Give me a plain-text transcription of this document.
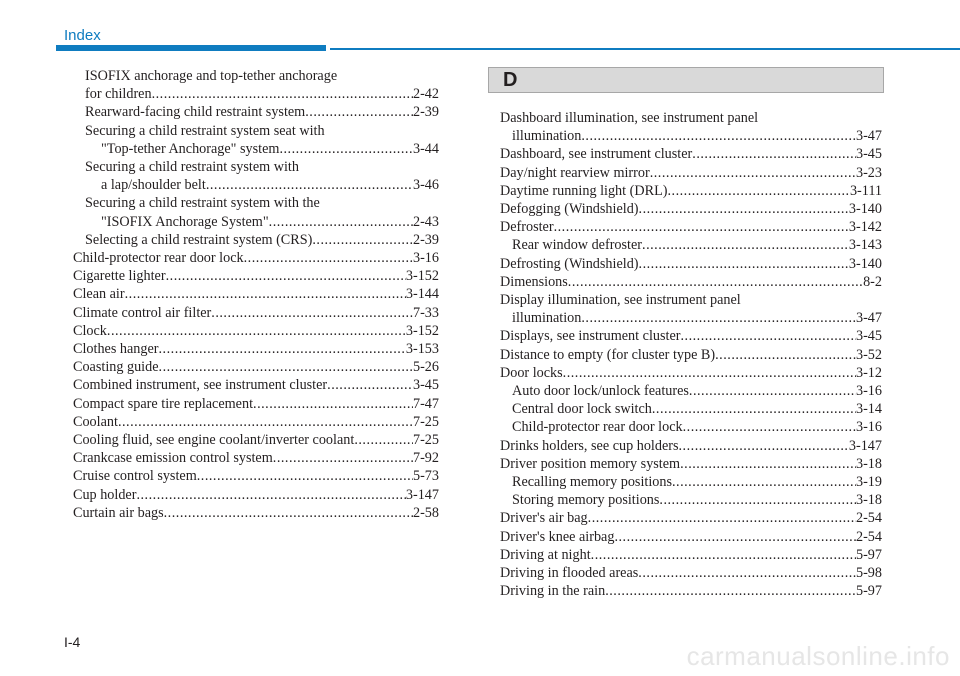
Index
ISOFIX anchorage and top-tether anchorage
for children .....	2-42
Rearward-facing child restraint system .....	2-39
Securing a child restraint system seat with
"Top-tether Anchorage" system .....	3-44
Securing a child restraint system with
a lap/shoulder belt .....	3-46
Securing a child restraint system with the
"ISOFIX Anchorage System" .....	2-43
Selecting a child restraint system (CRS) .....	2-39
Child-protector rear door lock .....	3-16
Cigarette lighter .....	3-152
Clean air .....	3-144
Climate control air filter .....	7-33
Clock .....	3-152
Clothes hanger .....	3-153
Coasting guide .....	5-26
Combined instrument, see instrument cluster .....	3-45
Compact spare tire replacement .....	7-47
Coolant .....	7-25
Cooling fluid, see engine coolant/inverter coolant .....	7-25
Crankcase emission control system .....	7-92
Cruise control system .....	5-73
Cup holder .....	3-147
Curtain air bags .....	2-58
D
Dashboard illumination, see instrument panel
illumination .....	3-47
Dashboard, see instrument cluster .....	3-45
Day/night rearview mirror .....	3-23
Daytime running light (DRL) .....	3-111
Defogging (Windshield) .....	3-140
Defroster .....	3-142
Rear window defroster .....	3-143
Defrosting (Windshield) .....	3-140
Dimensions .....	8-2
Display illumination, see instrument panel
illumination .....	3-47
Displays, see instrument cluster .....	3-45
Distance to empty (for cluster type B) .....	3-52
Door locks .....	3-12
Auto door lock/unlock features .....	3-16
Central door lock switch .....	3-14
Child-protector rear door lock .....	3-16
Drinks holders, see cup holders .....	3-147
Driver position memory system .....	3-18
Recalling memory positions .....	3-19
Storing memory positions .....	3-18
Driver's air bag .....	2-54
Driver's knee airbag .....	2-54
Driving at night .....	5-97
Driving in flooded areas .....	5-98
Driving in the rain .....	5-97
I-4	carmanualsonline.info
